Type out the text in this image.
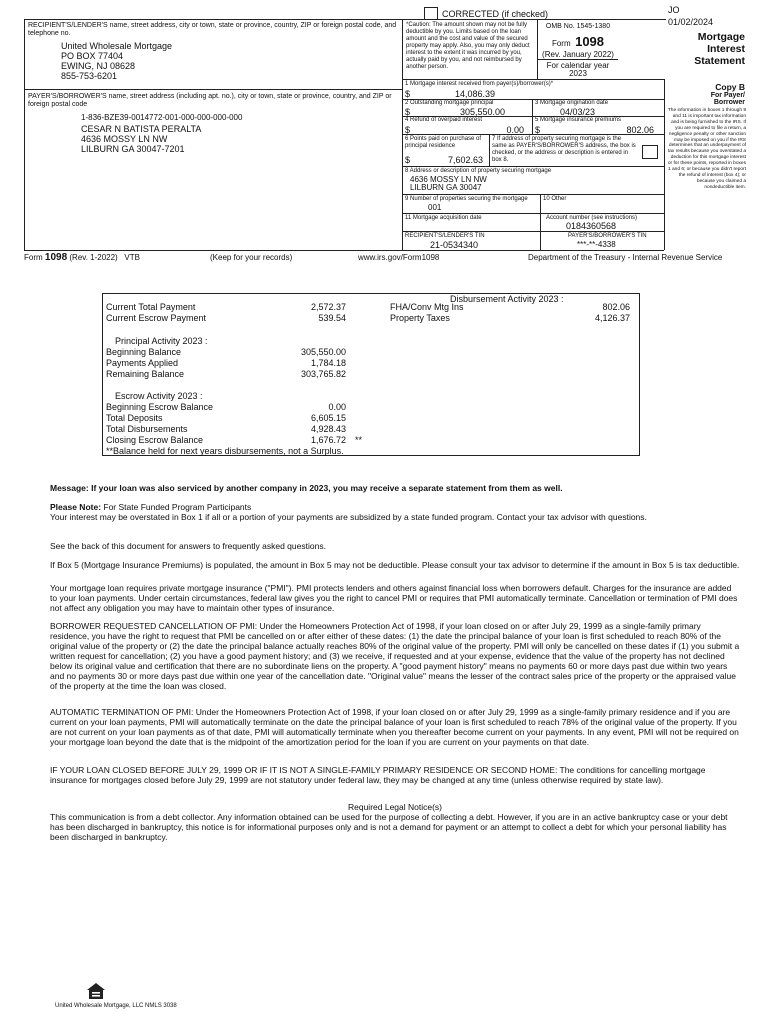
CORRECTED (if checked)	JO
01/02/2024
RECIPIENT'S/LENDER'S name, street address, city or town, state or province, country, ZIP or foreign postal code, and telephone no.
United Wholesale Mortgage
PO BOX 77404
EWING, NJ 08628
855-753-6201
*Caution: The amount shown may not be fully deductible by you. Limits based on the loan amount and the cost and value of the secured property may apply. Also, you may only deduct interest to the extent it was incurred by you, actually paid by you, and not reimbursed by another person.
OMB No. 1545-1380
Form 1098
(Rev. January 2022)
For calendar year
2023
Mortgage
Interest
Statement
PAYER'S/BORROWER'S name, street address (including apt. no.), city or town, state or province, country, and ZIP or foreign postal code
1-836-BZE39-0014772-001-000-000-000-000
CESAR N BATISTA PERALTA
4636 MOSSY LN NW
LILBURN GA 30047-7201
1 Mortgage interest received from payer(s)/borrower(s)*
$	14,086.39
2 Outstanding mortgage principal
$	305,550.00
3 Mortgage origination date
04/03/23
4 Refund of overpaid interest
$	0.00
5 Mortgage insurance premiums
$	802.06
6 Points paid on purchase of principal residence
$	7,602.63
7 If address of property securing mortgage is the same as PAYER'S/BORROWER'S address, the box is checked, or the address or description is entered in box 8.
8 Address or description of property securing mortgage
4636 MOSSY LN NW
LILBURN GA 30047
9 Number of properties securing the mortgage
001
10 Other
11 Mortgage acquisition date	Account number (see instructions)
0184360568
RECIPIENT'S/LENDER'S TIN
21-0534340
PAYER'S/BORROWER'S TIN
***-**-4338
Copy B
For Payer/
Borrower
The information in boxes 1 through 9 and 11 is important tax information and is being furnished to the IRS. If you are required to file a return, a negligence penalty or other sanction may be imposed on you if the IRS determines that an underpayment of tax results because you overstated a deduction for this mortgage interest or for these points, reported in boxes 1 and 6; or because you didn't report the refund of interest (box 4); or because you claimed a nondeductible item.
Form 1098 (Rev. 1-2022) VTB	(Keep for your records)	www.irs.gov/Form1098	Department of the Treasury - Internal Revenue Service
Current Total Payment	2,572.37
Current Escrow Payment	539.54
Principal Activity 2023 :
Beginning Balance	305,550.00
Payments Applied	1,784.18
Remaining Balance	303,765.82
Escrow Activity 2023 :
Beginning Escrow Balance	0.00
Total Deposits	6,605.15
Total Disbursements	4,928.43
Closing Escrow Balance	1,676.72 **
**Balance held for next years disbursements, not a Surplus.
Disbursement Activity 2023 :
FHA/Conv Mtg Ins	802.06
Property Taxes	4,126.37
Message: If your loan was also serviced by another company in 2023, you may receive a separate statement from them as well.
Please Note: For State Funded Program Participants
Your interest may be overstated in Box 1 if all or a portion of your payments are subsidized by a state funded program. Contact your tax advisor with questions.
See the back of this document for answers to frequently asked questions.
If Box 5 (Mortgage Insurance Premiums) is populated, the amount in Box 5 may not be deductible. Please consult your tax advisor to determine if the amount in Box 5 is tax deductible.
Your mortgage loan requires private mortgage insurance ("PMI"). PMI protects lenders and others against financial loss when borrowers default. Charges for the insurance are added to your loan payments. Under certain circumstances, federal law gives you the right to cancel PMI or requires that PMI automatically terminate. Cancellation or termination of PMI does not affect any obligation you may have to maintain other types of insurance.
BORROWER REQUESTED CANCELLATION OF PMI: Under the Homeowners Protection Act of 1998, if your loan closed on or after July 29, 1999 as a single-family primary residence, you have the right to request that PMI be cancelled on or after either of these dates: (1) the date the principal balance of your loan is first scheduled to reach 80% of the original value of the property or (2) the date the principal balance actually reaches 80% of the original value of the property. PMI will only be cancelled on these dates if (1) you submit a written request for cancellation; (2) you have a good payment history; and (3) we receive, if requested and at your expense, evidence that the value of the property has not declined below its original value and certification that there are no subordinate liens on the property. A "good payment history" means no payments 60 or more days past due within two years and no payments 30 or more days past due within one year of the cancellation date. "Original value" means the lesser of the contract sales price of the property or the appraised value of the property at the time the loan was closed.
AUTOMATIC TERMINATION OF PMI: Under the Homeowners Protection Act of 1998, if your loan closed on or after July 29, 1999 as a single-family primary residence and if you are current on your loan payments, PMI will automatically terminate on the date the principal balance of your loan is first scheduled to reach 78% of the original value of the property. If you are not current on your loan payments as of that date, PMI will automatically terminate when you thereafter become current on your payments. In any event, PMI will not be required on your mortgage loan beyond the date that is the midpoint of the amortization period for the loan if you are current on your payments on that date.
IF YOUR LOAN CLOSED BEFORE JULY 29, 1999 OR IF IT IS NOT A SINGLE-FAMILY PRIMARY RESIDENCE OR SECOND HOME: The conditions for cancelling mortgage insurance for mortgages closed before July 29, 1999 are not statutory under federal law, they may be changed at any time (unless otherwise required by state law).
Required Legal Notice(s)
This communication is from a debt collector. Any information obtained can be used for the purpose of collecting a debt. However, if you are in an active bankruptcy case or your debt has been discharged in bankruptcy, this notice is for informational purposes only and is not a demand for payment or an attempt to collect a debt for which your personal liability has been discharged in bankruptcy.
United Wholesale Mortgage, LLC NMLS 3038
